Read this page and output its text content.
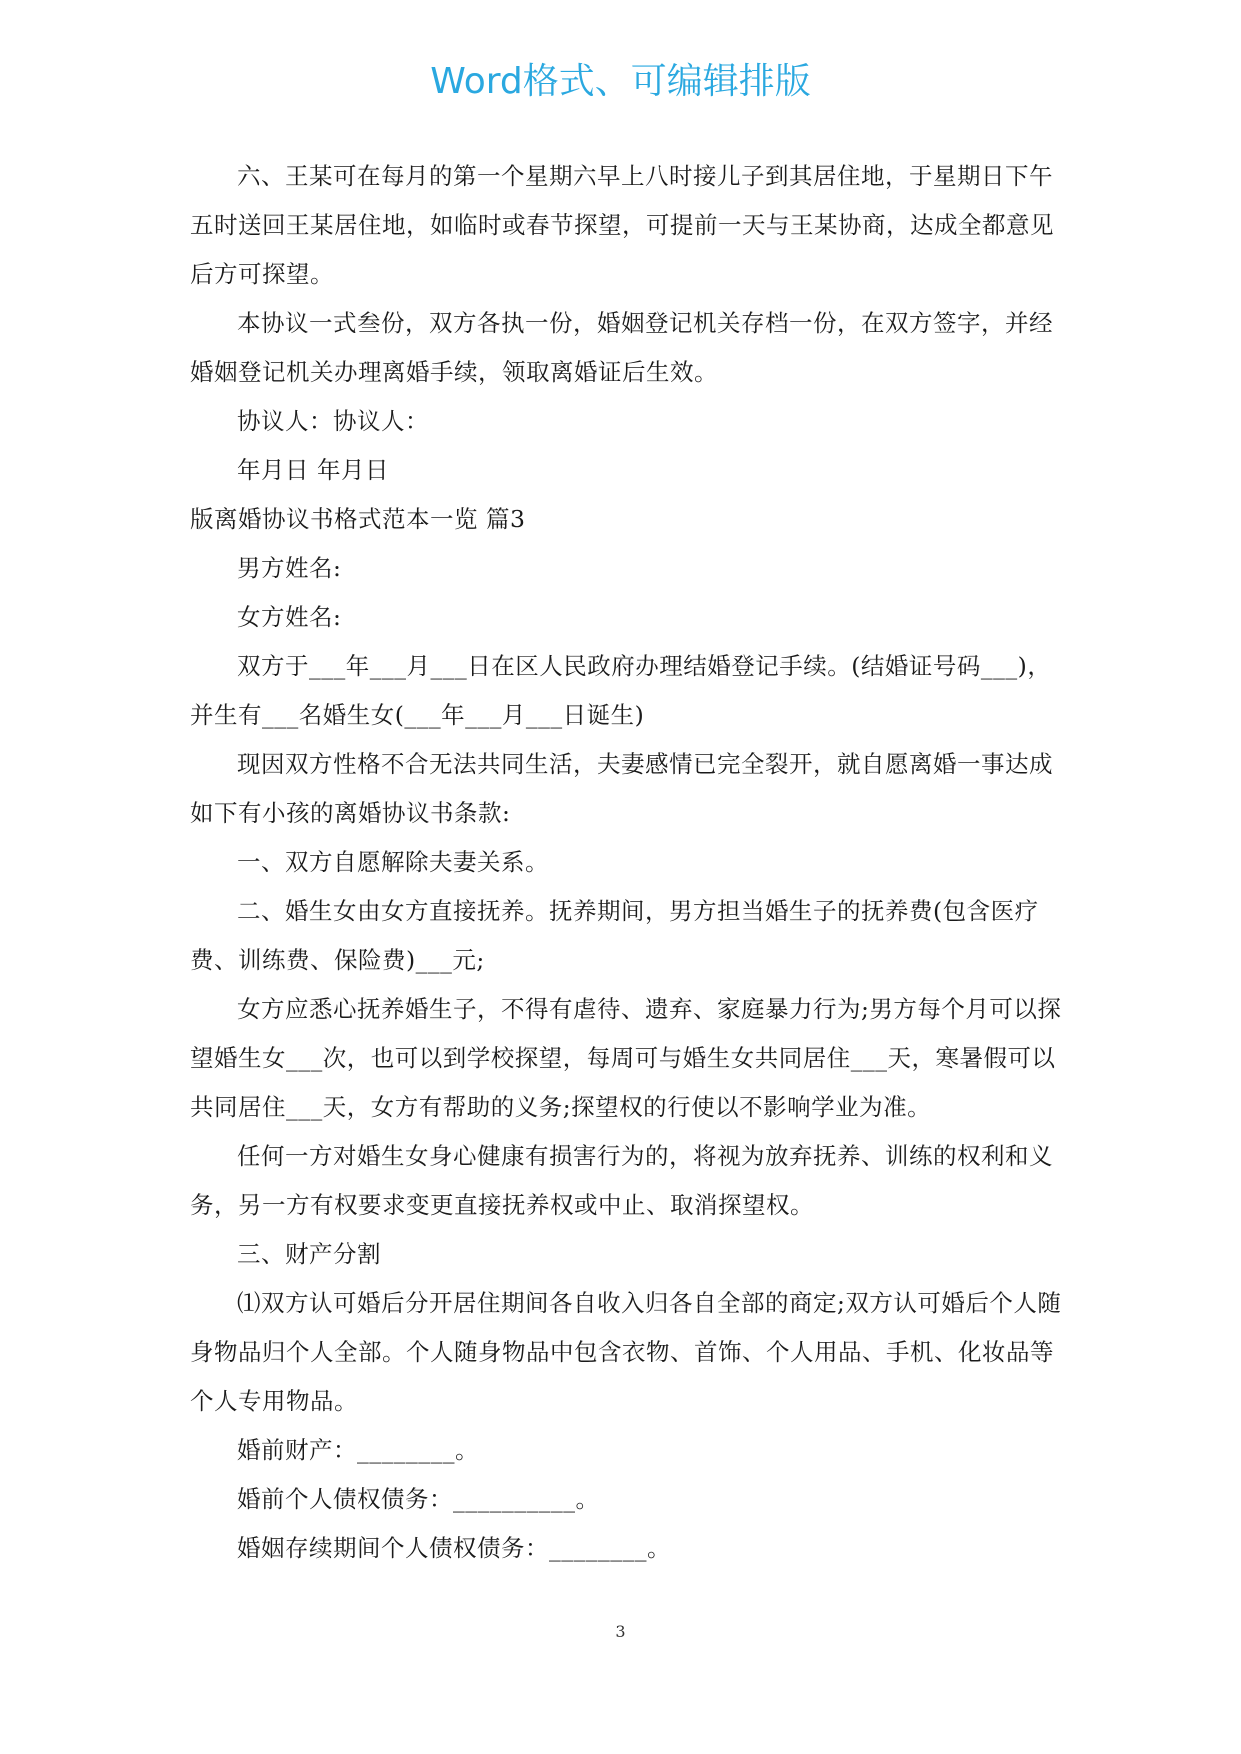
Word格式、可编辑排版

六、王某可在每月的第一个星期六早上八时接儿子到其居住地，于星期日下午五时送回王某居住地，如临时或春节探望，可提前一天与王某协商，达成全都意见后方可探望。

本协议一式叁份，双方各执一份，婚姻登记机关存档一份，在双方签字，并经婚姻登记机关办理离婚手续，领取离婚证后生效。

协议人：协议人：

年月日 年月日

版离婚协议书格式范本一览 篇3

男方姓名:

女方姓名:

双方于___年___月___日在区人民政府办理结婚登记手续。(结婚证号码___)，并生有___名婚生女(___年___月___日诞生)

现因双方性格不合无法共同生活，夫妻感情已完全裂开，就自愿离婚一事达成如下有小孩的离婚协议书条款:

一、双方自愿解除夫妻关系。

二、婚生女由女方直接抚养。抚养期间，男方担当婚生子的抚养费(包含医疗费、训练费、保险费)___元;

女方应悉心抚养婚生子，不得有虐待、遗弃、家庭暴力行为;男方每个月可以探望婚生女___次，也可以到学校探望，每周可与婚生女共同居住___天，寒暑假可以共同居住___天，女方有帮助的义务;探望权的行使以不影响学业为准。

任何一方对婚生女身心健康有损害行为的，将视为放弃抚养、训练的权利和义务，另一方有权要求变更直接抚养权或中止、取消探望权。

三、财产分割

⑴双方认可婚后分开居住期间各自收入归各自全部的商定;双方认可婚后个人随身物品归个人全部。个人随身物品中包含衣物、首饰、个人用品、手机、化妆品等个人专用物品。

婚前财产：________。

婚前个人债权债务：__________。

婚姻存续期间个人债权债务：________。

3
